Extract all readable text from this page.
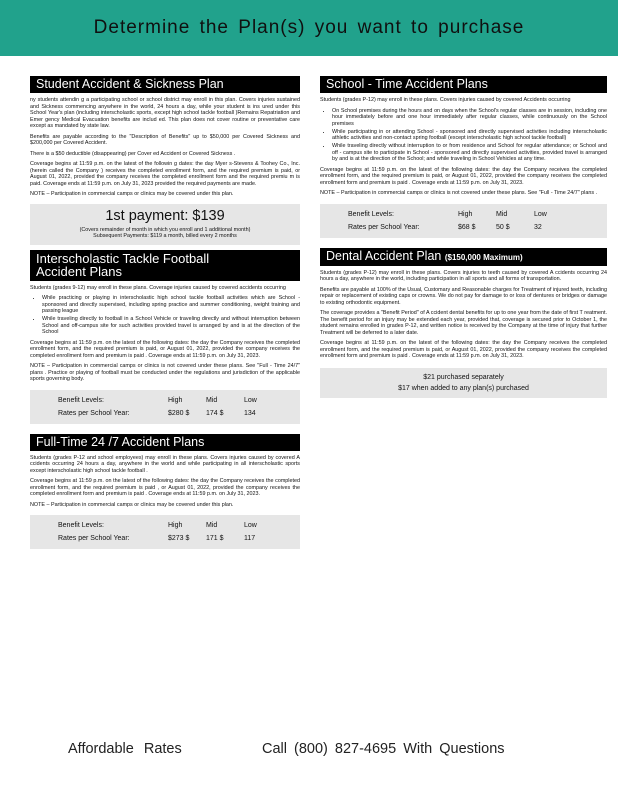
Determine the Plan(s) you want to purchase
Student Accident & Sickness Plan

ny students attendin g a participating school or school district may enroll in this plan. Covers injuries sustained and Sickness commencing anywhere in the world, 24 hours a day, while your student is ins ured under this School Year's plan (including interscholastic sports, except high school tackle football )Remains Repatriation and Emer gency Medical Evacuation benefits are includ ed. This plan does not cover routine or preventative care except as mandated by state law.

Benefits are payable according to the "Description of Benefits" up to $50,000 per Covered Sickness and $200,000 per Covered Accident.

There is a $50 deductible (disappearing) per Cover ed Accident or Covered Sickness .

Coverage begins at 11:59 p.m. on the latest of the followin g dates: the day Myer s-Stevens & Toohey Co., Inc. (herein called the Company ) receives the completed enrollment form, and the required premium is paid, or August 01, 2022, provided the company receives the completed enrollment form and the required premiu m is paid. Coverage ends at 11:59 p.m. on July 31, 2023 provided the required payments are made.

NOTE – Participation in commercial camps or clinics may be covered under this plan.

1st payment: $139
(Covers remainder of month in which you enroll and 1 additional month)
Subsequent Payments: $119 a month, billed every 2 months
Interscholastic Tackle Football
Accident Plans

Students (grades 9-12) may enroll in these plans. Coverage injuries caused by covered accidents occurring

• While practicing or playing in interscholastic high school tackle football activities which are School - sponsored and directly supervised, including spring practice and summer conditioning, weight training and passing league
• While traveling directly to football in a School Vehicle or traveling directly and without interruption between School and off-campus site for such activities provided travel is arranged by and is at the direction of the School

Coverage begins at 11:59 p.m. on the latest of the following dates: the day the Company receives the completed enrollment form, and the required premium is paid, or August 01, 2022, provided the company receives the completed enrollment form and premium is paid . Coverage ends at 11:59 p.m. on July 31, 2023.

NOTE – Participation in commercial camps or clinics is not covered under these plans. See "Full - Time 24/7" plans . Practice or playing of football must be conducted under the regulations and jurisdiction of the applicable sports governing body.

Benefit Levels:	High	Mid	Low
Rates per School Year:	$280 $	174 $	134
Full-Time 24 /7 Accident Plans

Students (grades P-12 and school employees) may enroll in these plans. Covers injuries caused by covered A ccidents occurring 24 hours a day, anywhere in the world and while participating in all interscholastic sports except interscholastic high school tackle football .

Coverage begins at 11:59 p.m. on the latest of the following dates: the day the Company receives the completed enrollment form, and the required premium is paid , or August 01, 2022, provided the company receives the completed enrollment form and premium is paid . Coverage ends at 11:59 p.m. on July 31, 2023.

NOTE – Participation in commercial camps or clinics may be covered under this plan.

Benefit Levels:	High	Mid	Low
Rates per School Year:	$273 $	171 $	117
School - Time Accident Plans

Students (grades P-12) may enroll in these plans. Covers injuries caused by covered Accidents occurring

• On School premises during the hours and on days when the School's regular classes are in session, including one hour immediately before and one hour immediately after regular classes, while continuously on the School premises
• While participating in or attending School - sponsored and directly supervised activities including interscholastic athletic activities and non-contact spring football (except interscholastic high school tackle football)
• While traveling directly without interruption to or from residence and School for regular attendance; or School and off - campus site to participate in School - sponsored and directly supervised activities, provided travel is arranged by and is at the direction of the School; and while traveling in School Vehicles at any time.

Coverage begins at 11:59 p.m. on the latest of the following dates: the day the Company receives the completed enrollment form, and the required premium is paid, or August 01, 2022, provided the company receives the completed enrollment form and premium is paid . Coverage ends at 11:59 p.m. on July 31, 2023.

NOTE – Participation in commercial camps or clinics is not covered under these plans. See "Full - Time 24/7" plans .

Benefit Levels:	High	Mid	Low
Rates per School Year:	$68 $	50 $	32
Dental Accident Plan ($150,000 Maximum)

Students (grades P-12) may enroll in these plans. Covers injuries to teeth caused by covered A ccidents occurring 24 hours a day, anywhere in the world, including participation in all sports and all forms of transportation.

Benefits are payable at 100% of the Usual, Customary and Reasonable charges for Treatment of injured teeth, including repair or replacement of existing caps or crowns. We do not pay for damage to or loss of dentures or bridges or damage to existing orthodontic equipment.

The coverage provides a "Benefit Period" of A ccident dental benefits for up to one year from the date of first T reatment. The benefit period for an injury may be extended each year, provided that, coverage is secured prior to October 1, the student remains enrolled in grades P-12, and written notice is received by the Company at the time of injury that further Treatment will be deferred to a later date.

Coverage begins at 11:59 p.m. on the latest of the following dates: the day the Company receives the completed enrollment form, and the required premium is paid, or August 01, 2022, provided the company receives the completed enrollment form and premium is paid . Coverage ends at 11:59 p.m. on July 31, 2023.

$21 purchased separately
$17 when added to any plan(s) purchased
Affordable Rates	Call (800) 827-4695 With Questions
